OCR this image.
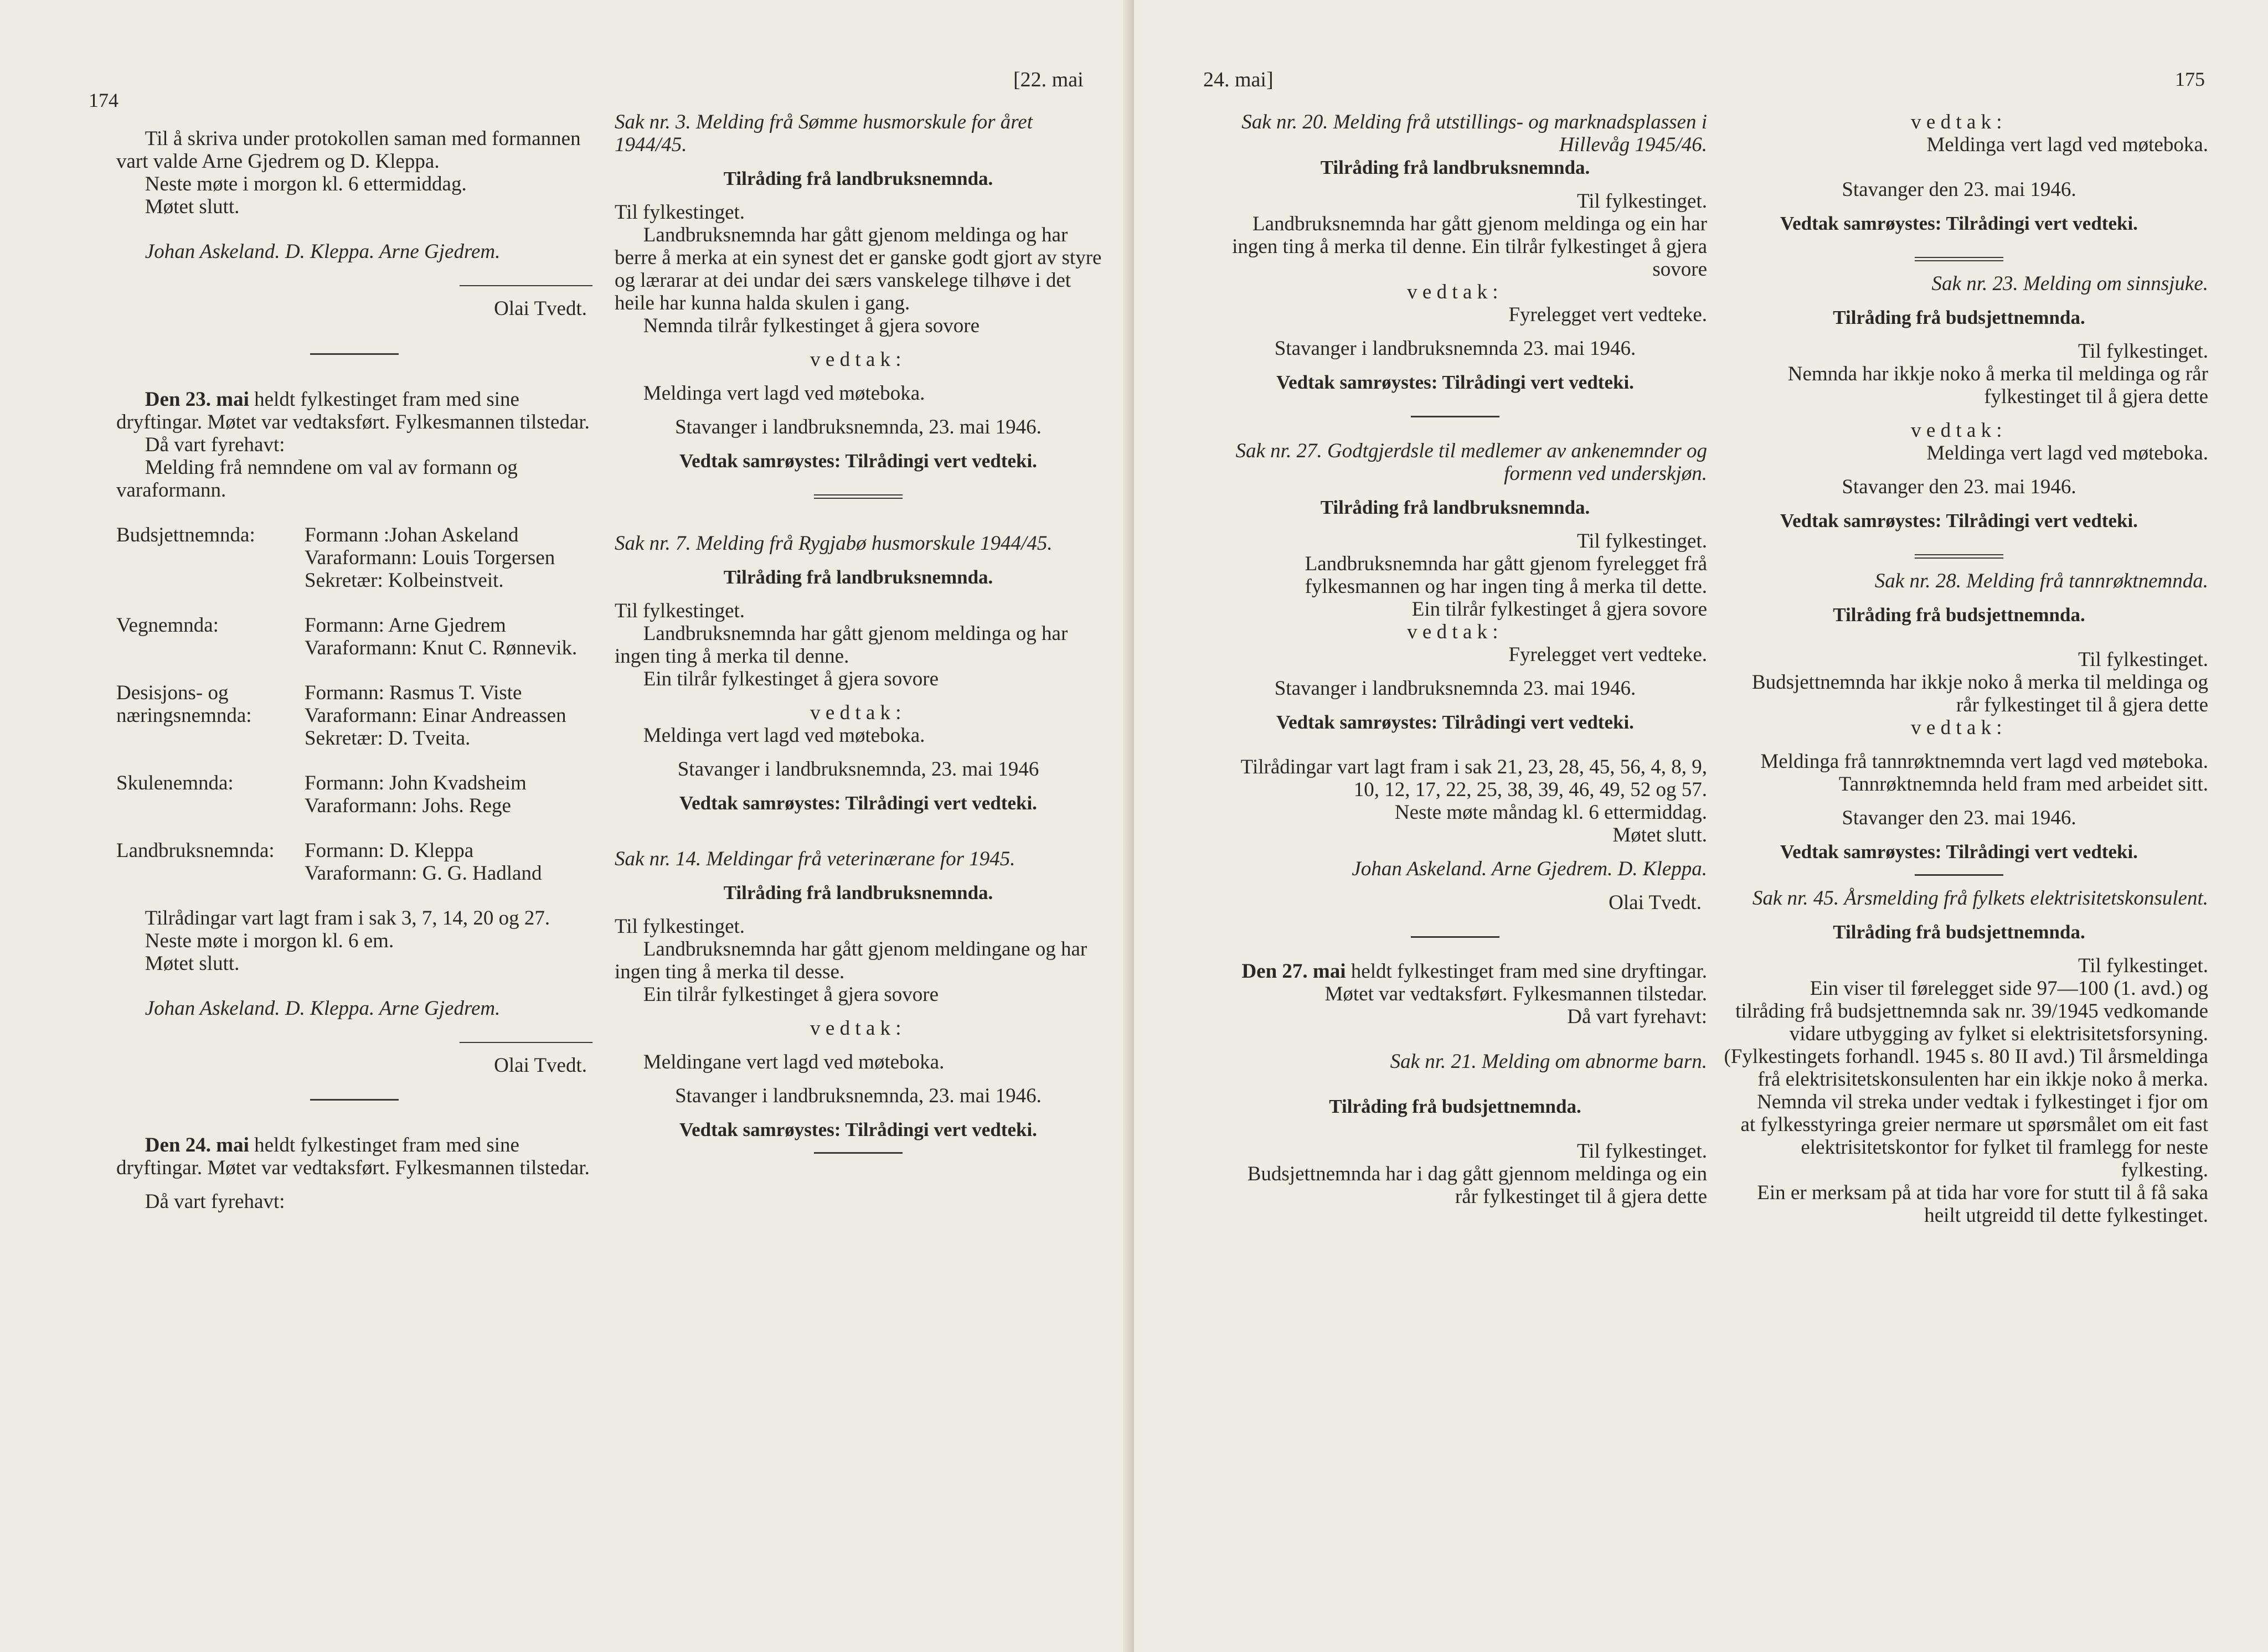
174
[22. mai

Til å skriva under protokollen saman med formannen vart valde Arne Gjedrem og D. Kleppa.

Neste møte i morgon kl. 6 ettermiddag.

Møtet slutt.

Johan Askeland. D. Kleppa. Arne Gjedrem.

Olai Tvedt.

Den 23. mai heldt fylkestinget fram med sine dryftingar. Møtet var vedtaksført. Fylkesmannen tilstedar.

Då vart fyrehavt:

Melding frå nemndene om val av formann og varaformann.

Budsjettnemnda:	Formann :Johan Askeland

Varaformann: Louis Torgersen

Sekretær: Kolbeinstveit.

Vegnemnda:	Formann: Arne Gjedrem

Varaformann: Knut C. Rønnevik.

Desisjons- og næringsnemnda:

Formann: Rasmus T. Viste

Varaformann: Einar Andreassen

Sekretær: D. Tveita.

Skulenemnda:	Formann: John Kvadsheim

Varaformann: Johs. Rege

Landbruksnemnda:	Formann: D. Kleppa

Varaformann: G. G. Hadland

Tilrådingar vart lagt fram i sak 3, 7, 14, 20 og 27.

Neste møte i morgon kl. 6 em.

Møtet slutt.

Johan Askeland. D. Kleppa. Arne Gjedrem.

Olai Tvedt.

Den 24. mai heldt fylkestinget fram med sine dryftingar. Møtet var vedtaksført. Fylkesmannen tilstedar.

Då vart fyrehavt:

Sak nr. 3. Melding frå Sømme husmorskule for året 1944/45.

Tilråding frå landbruksnemnda.

Til fylkestinget.

Landbruksnemnda har gått gjenom meldinga og har berre å merka at ein synest det er ganske godt gjort av styre og lærarar at dei undar dei særs vanskelege tilhøve i det heile har kunna halda skulen i gang.

Nemnda tilrår fylkestinget å gjera sovore

vedtak:

Meldinga vert lagd ved møteboka.

Stavanger i landbruksnemnda, 23. mai 1946.

Vedtak samrøystes: Tilrådingi vert vedteki.

Sak nr. 7. Melding frå Rygjabø husmorskule 1944/45.

Tilråding frå landbruksnemnda.

Til fylkestinget.

Landbruksnemnda har gått gjenom meldinga og har ingen ting å merka til denne.

Ein tilrår fylkestinget å gjera sovore

vedtak:

Meldinga vert lagd ved møteboka.

Stavanger i landbruksnemnda, 23. mai 1946

Vedtak samrøystes: Tilrådingi vert vedteki.

Sak nr. 14. Meldingar frå veterinærane for 1945.

Tilråding frå landbruksnemnda.

Til fylkestinget.

Landbruksnemnda har gått gjenom meldingane og har ingen ting å merka til desse.

Ein tilrår fylkestinget å gjera sovore

vedtak:

Meldingane vert lagd ved møteboka.

Stavanger i landbruksnemnda, 23. mai 1946.

Vedtak samrøystes: Tilrådingi vert vedteki.

24. mai]	175

Sak nr. 20. Melding frå utstillings- og marknadsplassen i Hillevåg 1945/46.

Tilråding frå landbruksnemnda.

Til fylkestinget.

Landbruksnemnda har gått gjenom meldinga og ein har ingen ting å merka til denne. Ein tilrår fylkestinget å gjera sovore

vedtak:

Fyrelegget vert vedteke.

Stavanger i landbruksnemnda 23. mai 1946.

Vedtak samrøystes: Tilrådingi vert vedteki.

Sak nr. 27. Godtgjerdsle til medlemer av ankenemnder og formenn ved underskjøn.

Tilråding frå landbruksnemnda.

Til fylkestinget.

Landbruksnemnda har gått gjenom fyrelegget frå fylkesmannen og har ingen ting å merka til dette.

Ein tilrår fylkestinget å gjera sovore

vedtak:

Fyrelegget vert vedteke.

Stavanger i landbruksnemnda 23. mai 1946.

Vedtak samrøystes: Tilrådingi vert vedteki.

Tilrådingar vart lagt fram i sak 21, 23, 28, 45, 56, 4, 8, 9, 10, 12, 17, 22, 25, 38, 39, 46, 49, 52 og 57.

Neste møte måndag kl. 6 ettermiddag.

Møtet slutt.

Johan Askeland. Arne Gjedrem. D. Kleppa.

Olai Tvedt.

Den 27. mai heldt fylkestinget fram med sine dryftingar. Møtet var vedtaksført. Fylkesmannen tilstedar.

Då vart fyrehavt:

Sak nr. 21. Melding om abnorme barn.

Tilråding frå budsjettnemnda.

Til fylkestinget.

Budsjettnemnda har i dag gått gjennom meldinga og ein rår fylkestinget til å gjera dette

vedtak:

Meldinga vert lagd ved møteboka.

Stavanger den 23. mai 1946.

Vedtak samrøystes: Tilrådingi vert vedteki.

Sak nr. 23. Melding om sinnsjuke.

Tilråding frå budsjettnemnda.

Til fylkestinget.

Nemnda har ikkje noko å merka til meldinga og rår fylkestinget til å gjera dette

vedtak:

Meldinga vert lagd ved møteboka.

Stavanger den 23. mai 1946.

Vedtak samrøystes: Tilrådingi vert vedteki.

Sak nr. 28. Melding frå tannrøktnemnda.

Tilråding frå budsjettnemnda.

Til fylkestinget.

Budsjettnemnda har ikkje noko å merka til meldinga og rår fylkestinget til å gjera dette

vedtak:

Meldinga frå tannrøktnemnda vert lagd ved møteboka.

Tannrøktnemnda held fram med arbeidet sitt.

Stavanger den 23. mai 1946.

Vedtak samrøystes: Tilrådingi vert vedteki.

Sak nr. 45. Årsmelding frå fylkets elektrisitetskonsulent.

Tilråding frå budsjettnemnda.

Til fylkestinget.

Ein viser til førelegget side 97—100 (1. avd.) og tilråding frå budsjettnemnda sak nr. 39/1945 vedkomande vidare utbygging av fylket si elektrisitetsforsyning. (Fylkestingets forhandl. 1945 s. 80 II avd.) Til årsmeldinga frå elektrisitetskonsulenten har ein ikkje noko å merka.

Nemnda vil streka under vedtak i fylkestinget i fjor om at fylkesstyringa greier nermare ut spørsmålet om eit fast elektrisitetskontor for fylket til framlegg for neste fylkesting.

Ein er merksam på at tida har vore for stutt til å få saka heilt utgreidd til dette fylkestinget.
